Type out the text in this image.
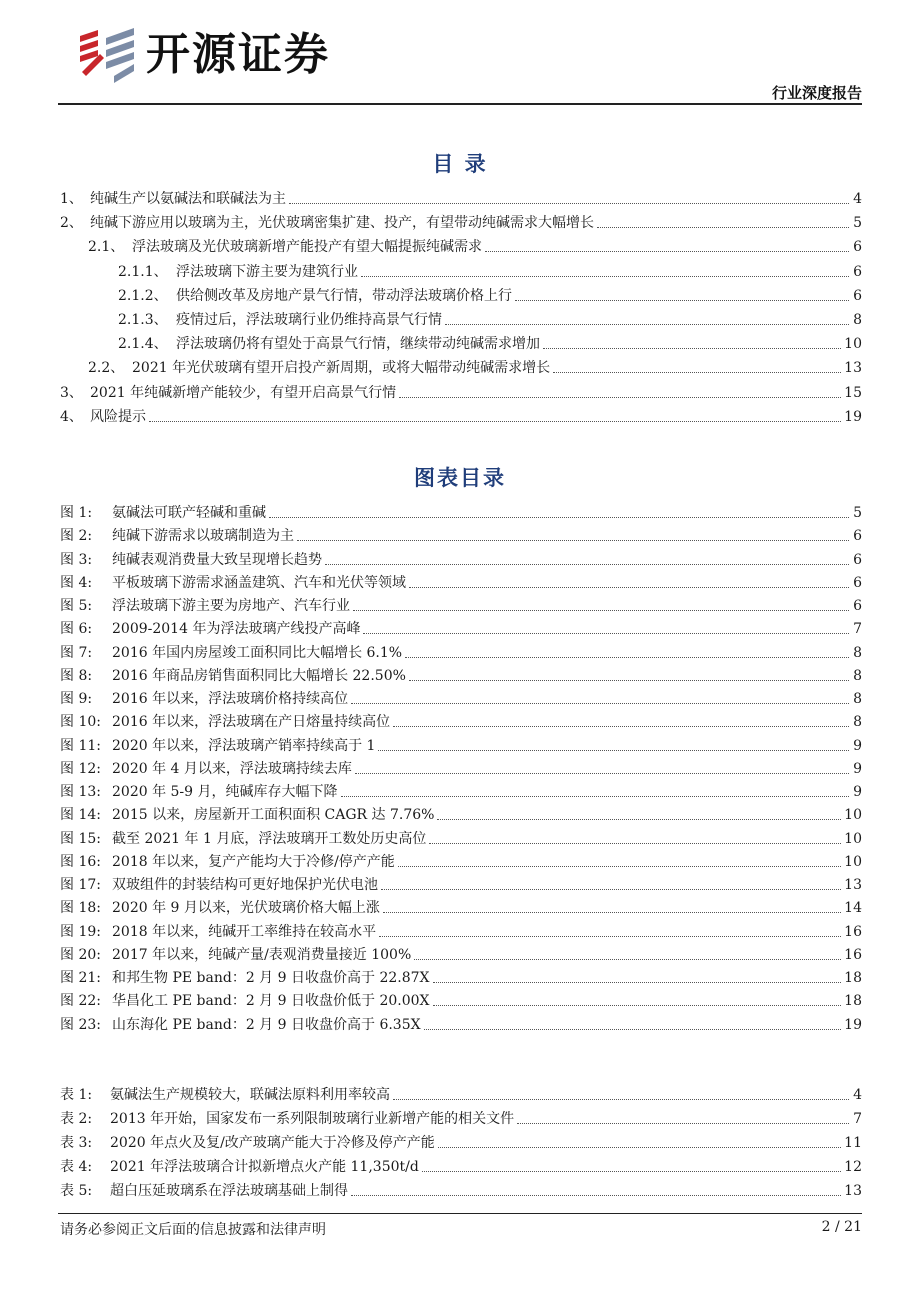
开源证券
行业深度报告
目 录
1、 纯碱生产以氨碱法和联碱法为主	4
2、 纯碱下游应用以玻璃为主，光伏玻璃密集扩建、投产，有望带动纯碱需求大幅增长	5
2.1、 浮法玻璃及光伏玻璃新增产能投产有望大幅提振纯碱需求	6
2.1.1、 浮法玻璃下游主要为建筑行业	6
2.1.2、 供给侧改革及房地产景气行情，带动浮法玻璃价格上行	6
2.1.3、 疫情过后，浮法玻璃行业仍维持高景气行情	8
2.1.4、 浮法玻璃仍将有望处于高景气行情，继续带动纯碱需求增加	10
2.2、 2021 年光伏玻璃有望开启投产新周期，或将大幅带动纯碱需求增长	13
3、 2021 年纯碱新增产能较少，有望开启高景气行情	15
4、 风险提示	19
图表目录
图 1:	氨碱法可联产轻碱和重碱	5
图 2:	纯碱下游需求以玻璃制造为主	6
图 3:	纯碱表观消费量大致呈现增长趋势	6
图 4:	平板玻璃下游需求涵盖建筑、汽车和光伏等领域	6
图 5:	浮法玻璃下游主要为房地产、汽车行业	6
图 6:	2009-2014 年为浮法玻璃产线投产高峰	7
图 7:	2016 年国内房屋竣工面积同比大幅增长 6.1%	8
图 8:	2016 年商品房销售面积同比大幅增长 22.50%	8
图 9:	2016 年以来，浮法玻璃价格持续高位	8
图 10: 2016 年以来，浮法玻璃在产日熔量持续高位	8
图 11: 2020 年以来，浮法玻璃产销率持续高于 1	9
图 12: 2020 年 4 月以来，浮法玻璃持续去库	9
图 13: 2020 年 5-9 月，纯碱库存大幅下降	9
图 14: 2015 以来，房屋新开工面积面积 CAGR 达 7.76%	10
图 15: 截至 2021 年 1 月底，浮法玻璃开工数处历史高位	10
图 16: 2018 年以来，复产产能均大于冷修/停产产能	10
图 17: 双玻组件的封装结构可更好地保护光伏电池	13
图 18: 2020 年 9 月以来，光伏玻璃价格大幅上涨	14
图 19: 2018 年以来，纯碱开工率维持在较高水平	16
图 20: 2017 年以来，纯碱产量/表观消费量接近 100%	16
图 21: 和邦生物 PE band：2 月 9 日收盘价高于 22.87X	18
图 22: 华昌化工 PE band：2 月 9 日收盘价低于 20.00X	18
图 23: 山东海化 PE band：2 月 9 日收盘价高于 6.35X	19
表 1:	氨碱法生产规模较大，联碱法原料利用率较高	4
表 2:	2013 年开始，国家发布一系列限制玻璃行业新增产能的相关文件	7
表 3:	2020 年点火及复/改产玻璃产能大于冷修及停产产能	11
表 4:	2021 年浮法玻璃合计拟新增点火产能 11,350t/d	12
表 5:	超白压延玻璃系在浮法玻璃基础上制得	13
请务必参阅正文后面的信息披露和法律声明	2 / 21
